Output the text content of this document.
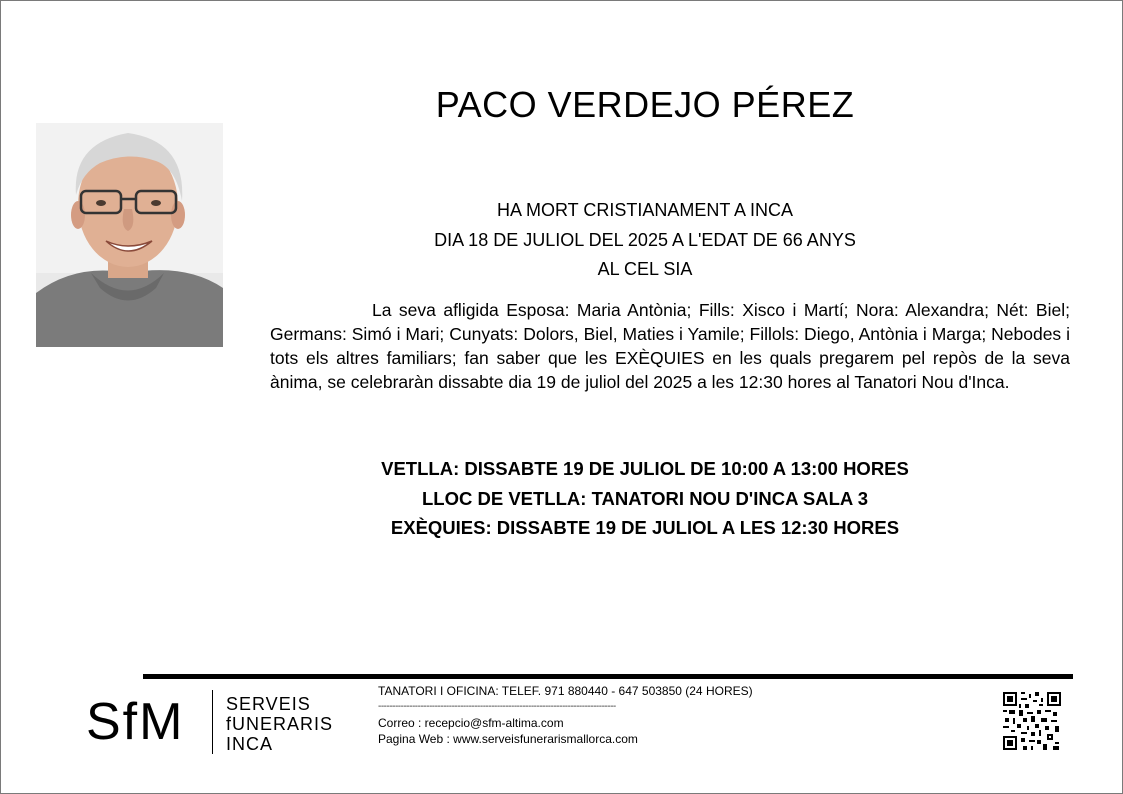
PACO VERDEJO PÉREZ
HA MORT CRISTIANAMENT A INCA
DIA 18 DE JULIOL DEL 2025 A L'EDAT DE 66 ANYS
AL CEL SIA
La seva afligida Esposa: Maria Antònia; Fills: Xisco i Martí; Nora: Alexandra; Nét: Biel; Germans: Simó i Mari; Cunyats: Dolors, Biel, Maties i Yamile; Fillols: Diego, Antònia i Marga; Nebodes i tots els altres familiars; fan saber que les EXÈQUIES en les quals pregarem pel repòs de la seva ànima, se celebraràn dissabte dia 19 de juliol del 2025 a les 12:30 hores al Tanatori Nou d'Inca.
VETLLA: DISSABTE 19 DE JULIOL DE 10:00 A 13:00 HORES
LLOC DE VETLLA: TANATORI NOU D'INCA SALA 3
EXÈQUIES: DISSABTE 19 DE JULIOL A LES 12:30 HORES
SfM SERVEIS
fUNERARIS
INCA
TANATORI I OFICINA: TELEF. 971 880440 - 647 503850 (24 HORES)
------------------------------------------------------------------------------------
Correo : recepcio@sfm-altima.com
Pagina Web : www.serveisfunerarismallorca.com
